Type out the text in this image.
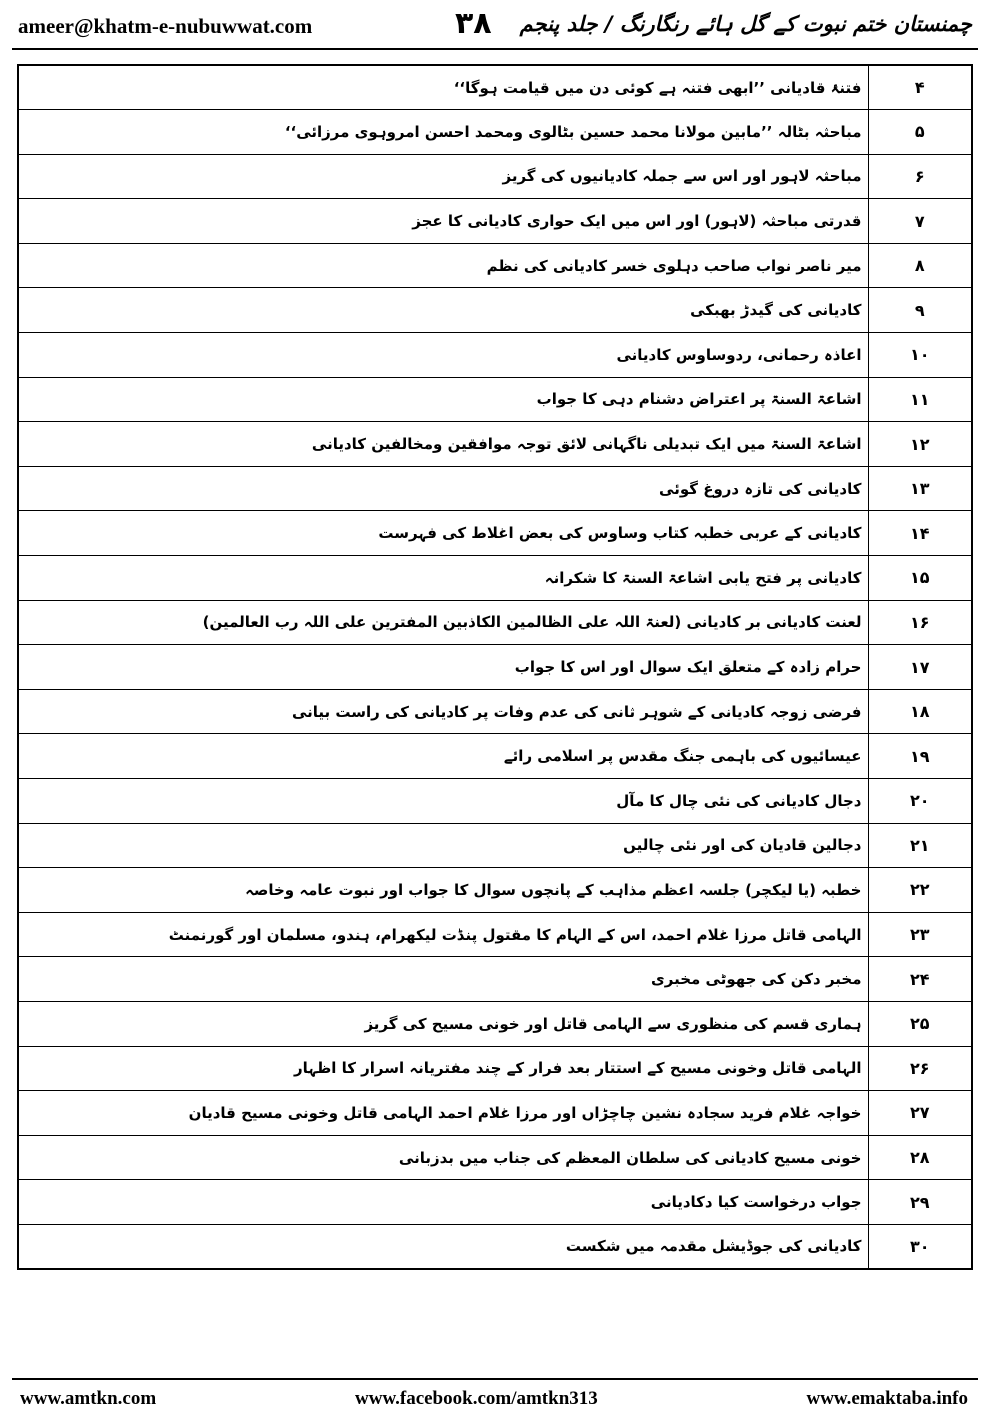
ameer@khatm-e-nubuwwat.com	۳۸ چمنستان ختم نبوت کے گل ہائے رنگارنگ / جلد پنجم
فتنۂ قادیانی ’’ابھی فتنہ ہے کوئی دن میں قیامت ہوگا‘‘	۴
مباحثہ بٹالہ ’’مابین مولانا محمد حسین بٹالوی ومحمد احسن امروہوی مرزائی‘‘	۵
مباحثہ لاہور اور اس سے جملہ کادیانیوں کی گریز	۶
قدرتی مباحثہ (لاہور) اور اس میں ایک حواری کادیانی کا عجز	۷
میر ناصر نواب صاحب دہلوی خسر کادیانی کی نظم	۸
کادیانی کی گیدڑ بھبکی	۹
اعاذہ رحمانی، ردوساوس کادیانی	۱۰
اشاعۃ السنۃ پر اعتراض دشنام دہی کا جواب	۱۱
اشاعۃ السنۃ میں ایک تبدیلی ناگہانی لائق توجہ موافقین ومخالفین کادیانی	۱۲
کادیانی کی تازہ دروغ گوئی	۱۳
کادیانی کے عربی خطبہ کتاب وساوس کی بعض اغلاط کی فہرست	۱۴
کادیانی پر فتح یابی اشاعۃ السنۃ کا شکرانہ	۱۵
لعنت کادیانی بر کادیانی (لعنۃ اللہ علی الظالمین الکاذبین المفترین علی اللہ رب العالمین)	۱۶
حرام زادہ کے متعلق ایک سوال اور اس کا جواب	۱۷
فرضی زوجہ کادیانی کے شوہر ثانی کی عدم وفات پر کادیانی کی راست بیانی	۱۸
عیسائیوں کی باہمی جنگ مقدس پر اسلامی رائے	۱۹
دجال کادیانی کی نئی چال کا مآل	۲۰
دجالین قادیان کی اور نئی چالیں	۲۱
خطبہ (یا لیکچر) جلسہ اعظم مذاہب کے پانچوں سوال کا جواب اور نبوت عامہ وخاصہ	۲۲
الہامی قاتل مرزا غلام احمد، اس کے الہام کا مقتول پنڈت لیکھرام، ہندو، مسلمان اور گورنمنٹ	۲۳
مخبر دکن کی جھوٹی مخبری	۲۴
ہماری قسم کی منظوری سے الہامی قاتل اور خونی مسیح کی گریز	۲۵
الہامی قاتل وخونی مسیح کے استتار بعد فرار کے چند مفتریانہ اسرار کا اظہار	۲۶
خواجہ غلام فرید سجادہ نشین چاچڑاں اور مرزا غلام احمد الہامی قاتل وخونی مسیح قادیان	۲۷
خونی مسیح کادیانی کی سلطان المعظم کی جناب میں بدزبانی	۲۸
جواب درخواست کیا دکادیانی	۲۹
کادیانی کی جوڈیشل مقدمہ میں شکست	۳۰
www.amtkn.com	www.facebook.com/amtkn313	www.emaktaba.info
